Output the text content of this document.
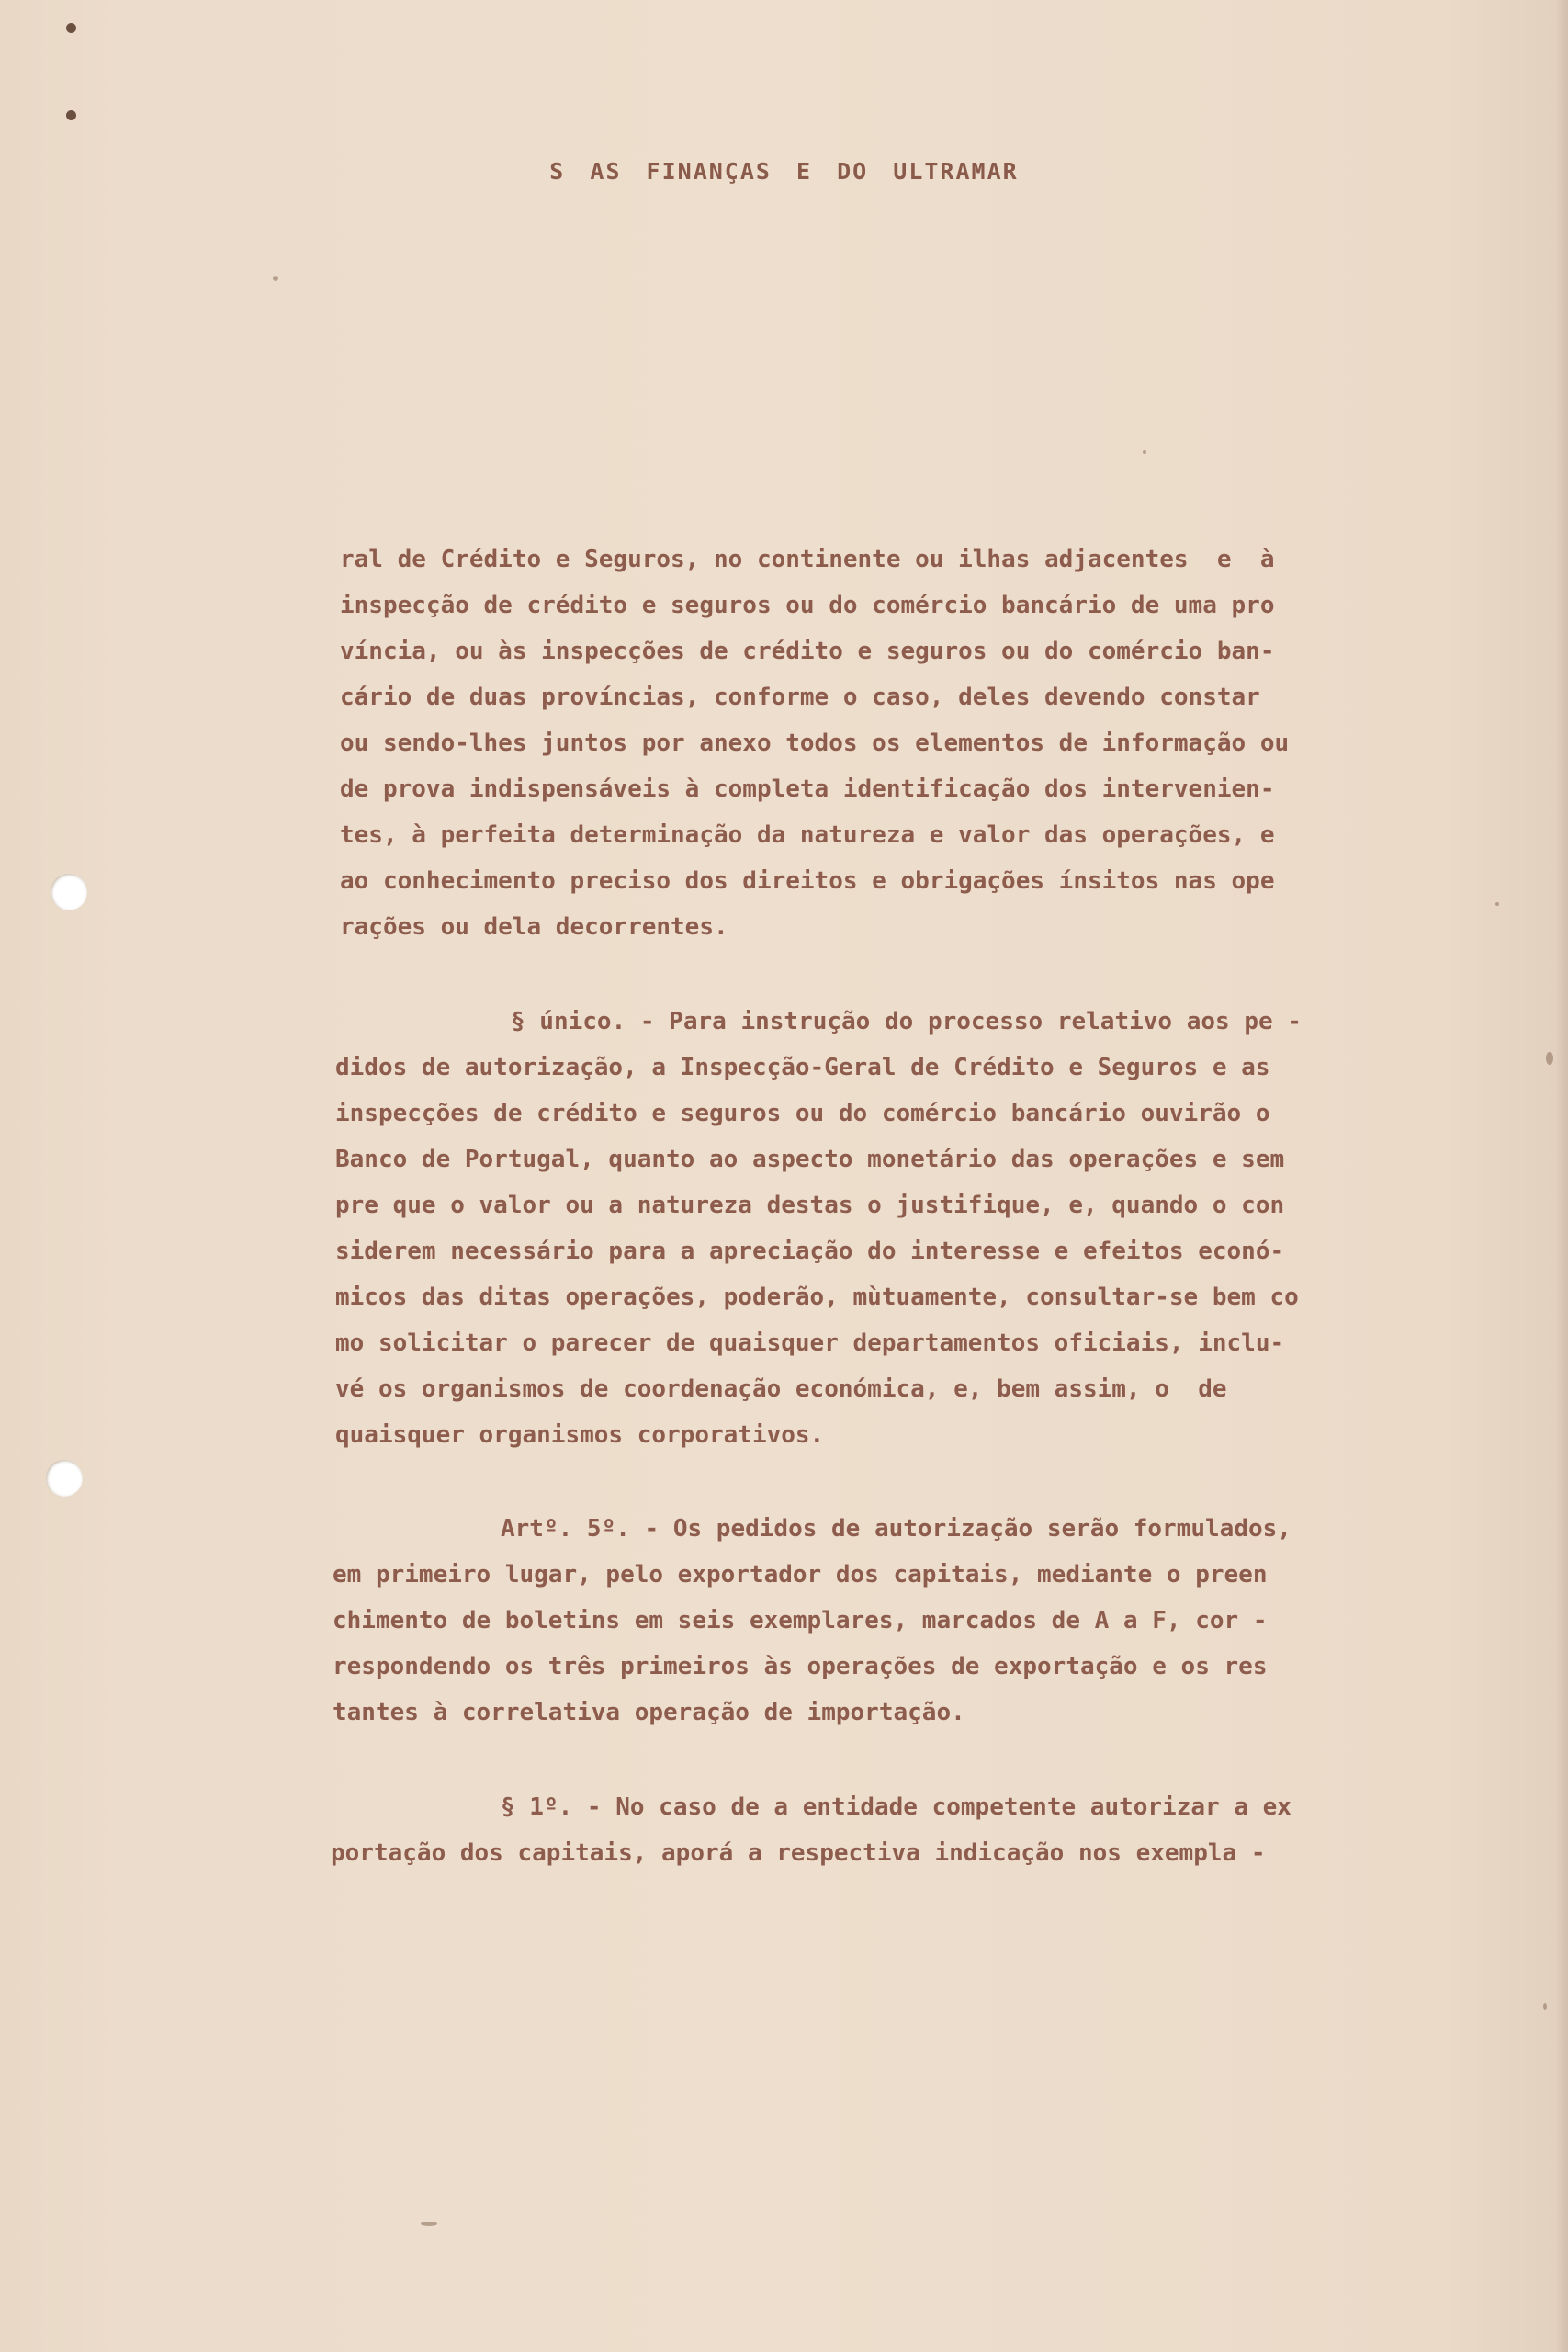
S AS FINANÇAS E DO ULTRAMAR

ral de Crédito e Seguros, no continente ou ilhas adjacentes  e  à

inspecção de crédito e seguros ou do comércio bancário de uma pro

víncia, ou às inspecções de crédito e seguros ou do comércio ban-

cário de duas províncias, conforme o caso, deles devendo constar

ou sendo-lhes juntos por anexo todos os elementos de informação ou

de prova indispensáveis à completa identificação dos intervenien-

tes, à perfeita determinação da natureza e valor das operações, e

ao conhecimento preciso dos direitos e obrigações ínsitos nas ope

rações ou dela decorrentes.

§ único. - Para instrução do processo relativo aos pe -

didos de autorização, a Inspecção-Geral de Crédito e Seguros e as

inspecções de crédito e seguros ou do comércio bancário ouvirão o

Banco de Portugal, quanto ao aspecto monetário das operações e sem

pre que o valor ou a natureza destas o justifique, e, quando o con

siderem necessário para a apreciação do interesse e efeitos econó-

micos das ditas operações, poderão, mùtuamente, consultar-se bem co

mo solicitar o parecer de quaisquer departamentos oficiais, inclu-

vé os organismos de coordenação económica, e, bem assim, o  de

quaisquer organismos corporativos.

Artº. 5º. - Os pedidos de autorização serão formulados,

em primeiro lugar, pelo exportador dos capitais, mediante o preen

chimento de boletins em seis exemplares, marcados de A a F, cor -

respondendo os três primeiros às operações de exportação e os res

tantes à correlativa operação de importação.

§ 1º. - No caso de a entidade competente autorizar a ex

portação dos capitais, aporá a respectiva indicação nos exempla -
